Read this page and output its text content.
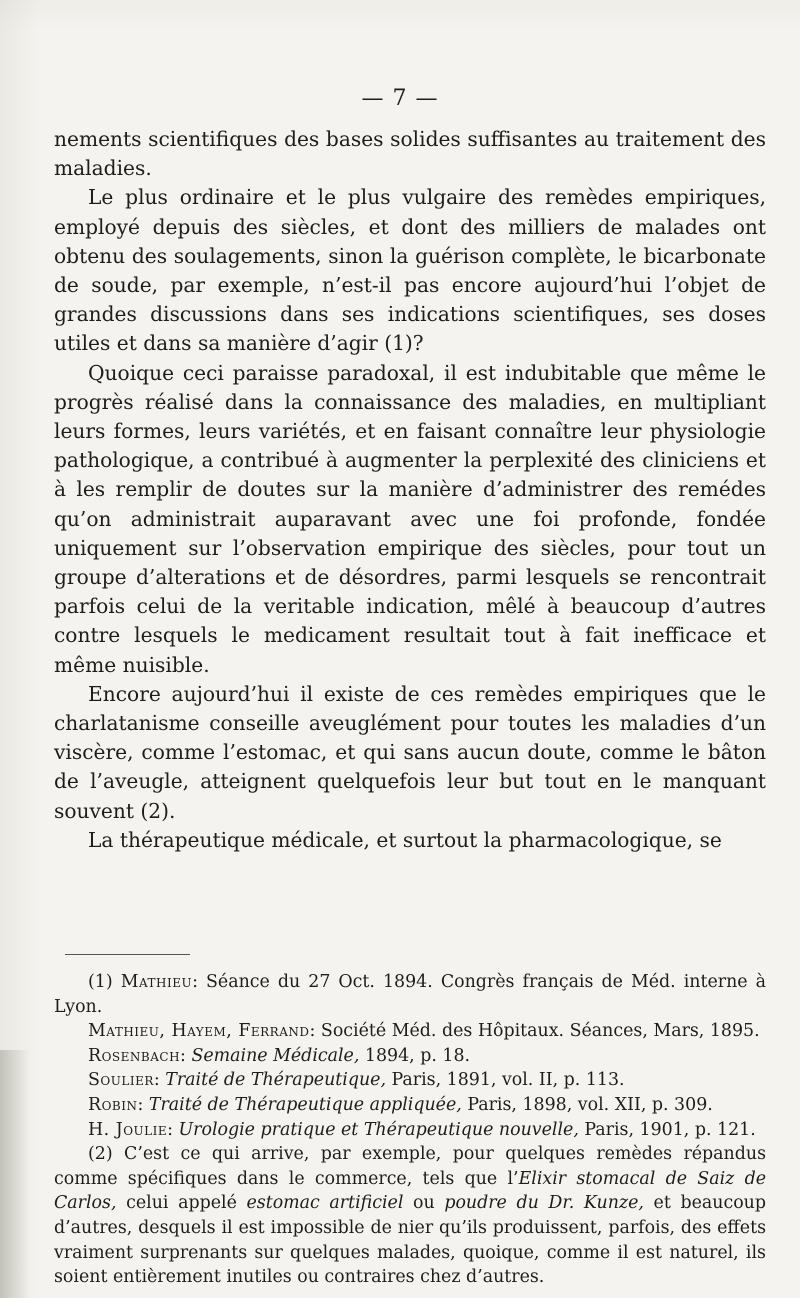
— 7 —

nements scientifiques des bases solides suffisantes au traitement des maladies.

Le plus ordinaire et le plus vulgaire des remèdes empiriques, employé depuis des siècles, et dont des milliers de malades ont obtenu des soulagements, sinon la guérison complète, le bicarbonate de soude, par exemple, n’est-il pas encore aujourd’hui l’objet de grandes discussions dans ses indications scientifiques, ses doses utiles et dans sa manière d’agir (1)?

Quoique ceci paraisse paradoxal, il est indubitable que même le progrès réalisé dans la connaissance des maladies, en multipliant leurs formes, leurs variétés, et en faisant connaître leur physiologie pathologique, a contribué à augmenter la perplexité des cliniciens et à les remplir de doutes sur la manière d’administrer des remédes qu’on administrait auparavant avec une foi profonde, fondée uniquement sur l’observation empirique des siècles, pour tout un groupe d’alterations et de désordres, parmi lesquels se rencontrait parfois celui de la veritable indication, mêlé à beaucoup d’autres contre lesquels le medicament resultait tout à fait inefficace et même nuisible.

Encore aujourd’hui il existe de ces remèdes empiriques que le charlatanisme conseille aveuglément pour toutes les maladies d’un viscère, comme l’estomac, et qui sans aucun doute, comme le bâton de l’aveugle, atteignent quelquefois leur but tout en le manquant souvent (2).

La thérapeutique médicale, et surtout la pharmacologique, se

(1) Mathieu: Séance du 27 Oct. 1894. Congrès français de Méd. interne à Lyon.

Mathieu, Hayem, Ferrand: Société Méd. des Hôpitaux. Séances, Mars, 1895.

Rosenbach: Semaine Médicale, 1894, p. 18.

Soulier: Traité de Thérapeutique, Paris, 1891, vol. II, p. 113.

Robin: Traité de Thérapeutique appliquée, Paris, 1898, vol. XII, p. 309.

H. Joulie: Urologie pratique et Thérapeutique nouvelle, Paris, 1901, p. 121.

(2) C’est ce qui arrive, par exemple, pour quelques remèdes répandus comme spécifiques dans le commerce, tels que l’Elixir stomacal de Saiz de Carlos, celui appelé estomac artificiel ou poudre du Dr. Kunze, et beaucoup d’autres, desquels il est impossible de nier qu’ils produissent, parfois, des effets vraiment surprenants sur quelques malades, quoique, comme il est naturel, ils soient entièrement inutiles ou contraires chez d’autres.
